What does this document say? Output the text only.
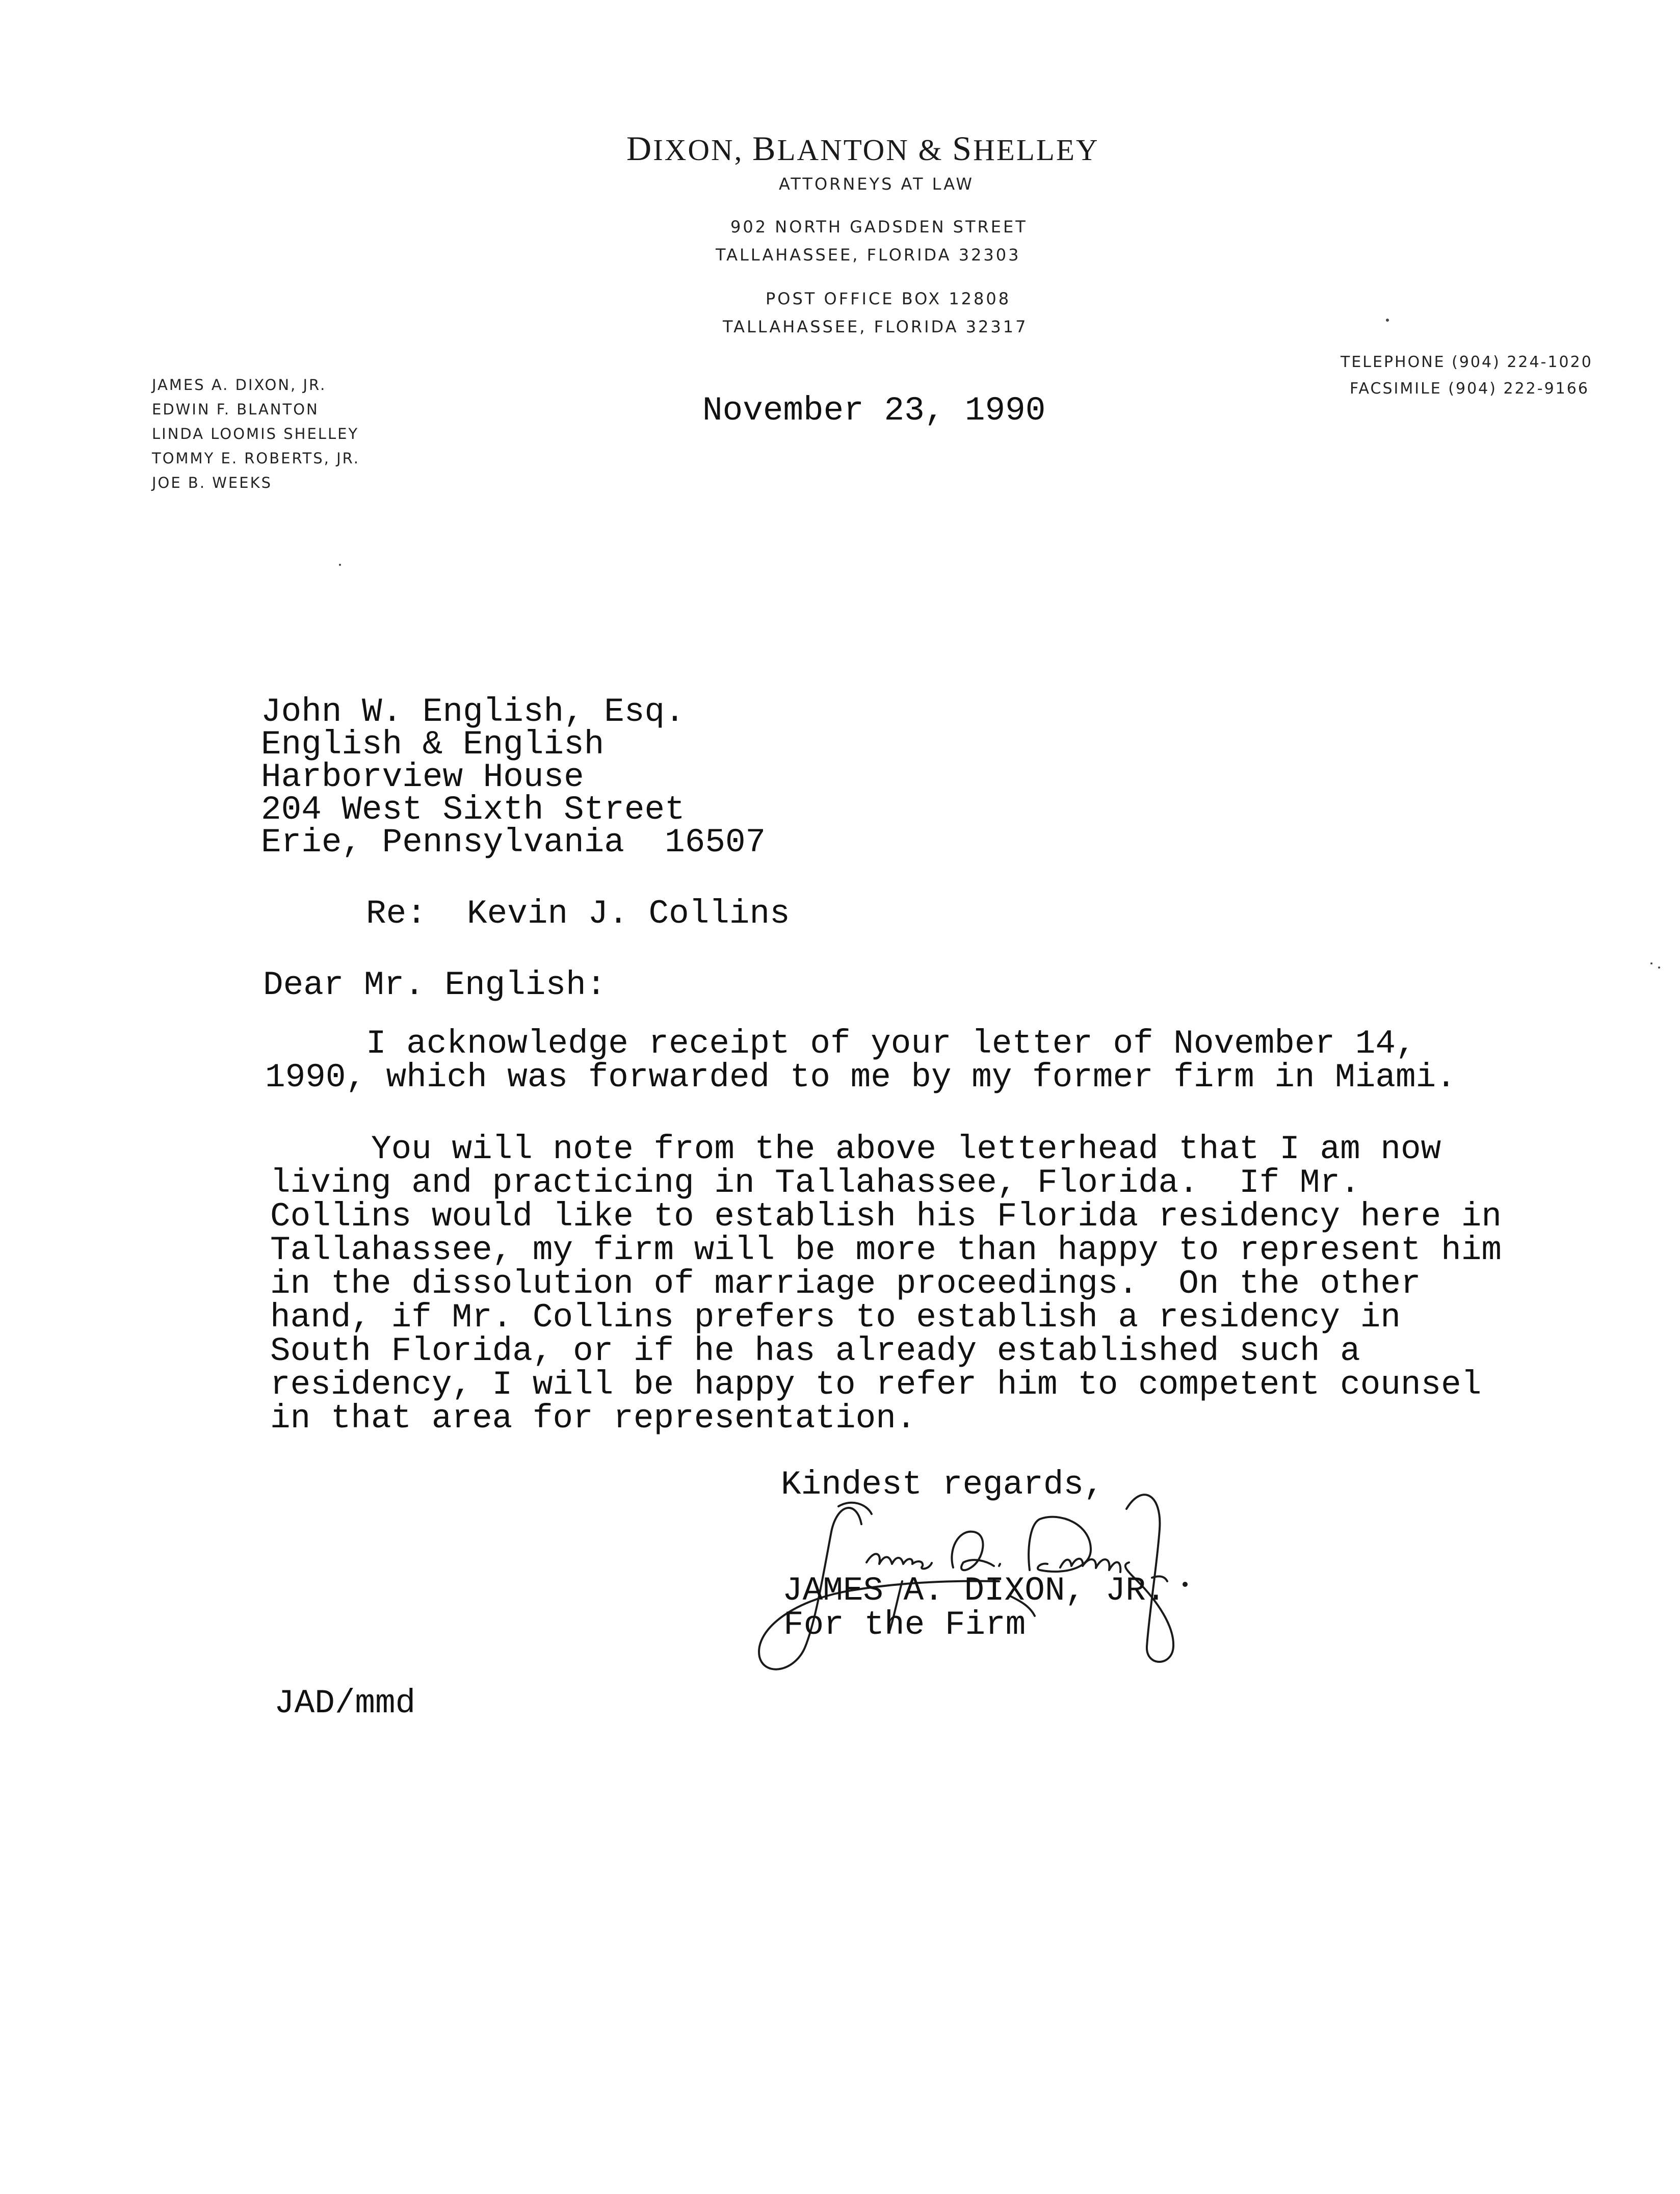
DIXON, BLANTON & SHELLEY
ATTORNEYS AT LAW
902 NORTH GADSDEN STREET
TALLAHASSEE, FLORIDA 32303
POST OFFICE BOX 12808
TALLAHASSEE, FLORIDA 32317
JAMES A. DIXON, JR.
EDWIN F. BLANTON
LINDA LOOMIS SHELLEY
TOMMY E. ROBERTS, JR.
JOE B. WEEKS
TELEPHONE (904) 224-1020
FACSIMILE (904) 222-9166
November 23, 1990
John W. English, Esq.
English & English
Harborview House
204 West Sixth Street
Erie, Pennsylvania  16507
Re:  Kevin J. Collins
Dear Mr. English:
I acknowledge receipt of your letter of November 14,
1990, which was forwarded to me by my former firm in Miami.
You will note from the above letterhead that I am now
living and practicing in Tallahassee, Florida.  If Mr.
Collins would like to establish his Florida residency here in
Tallahassee, my firm will be more than happy to represent him
in the dissolution of marriage proceedings.  On the other
hand, if Mr. Collins prefers to establish a residency in
South Florida, or if he has already established such a
residency, I will be happy to refer him to competent counsel
in that area for representation.
Kindest regards,
JAMES A. DIXON, JR.
For the Firm
JAD/mmd
